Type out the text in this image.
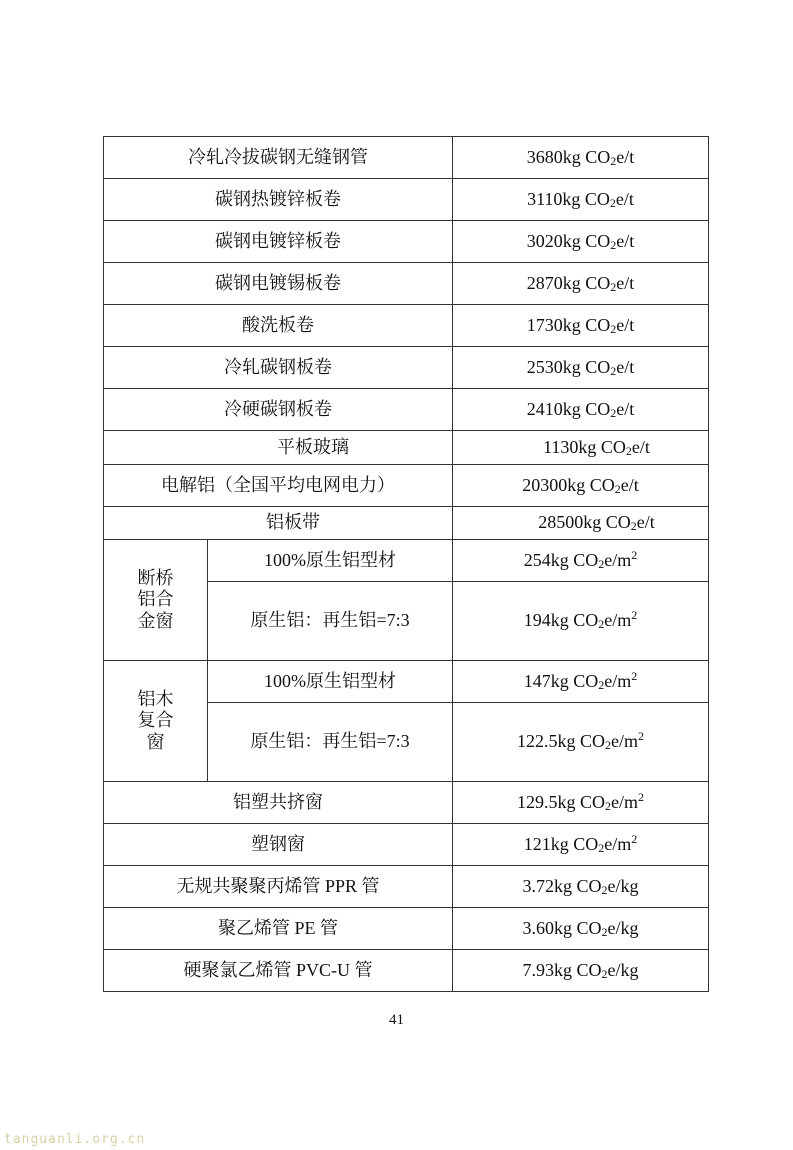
冷轧冷拔碳钢无缝钢管		3680kg $CO_2e/t$
碳钢热镀锌板卷		3110kg $CO_2e/t$
碳钢电镀锌板卷		3020kg $CO_2e/t$
碳钢电镀锡板卷		2870kg $CO_2e/t$
酸洗板卷		1730kg $CO_2e/t$
冷轧碳钢板卷		2530kg $CO_2e/t$
冷硬碳钢板卷		2410kg $CO_2e/t$
平板玻璃		1130kg $CO_2e/t$
电解铝（全国平均电网电力）		20300kg $CO_2e/t$
铝板带		28500kg $CO_2e/t$

断桥
铝合
金窗	100%原生铝型材	254kg $CO_2e/m^2$
	原生铝：再生铝=7:3	194kg $CO_2e/m^2$

铝木
复合
窗	100%原生铝型材	147kg $CO_2e/m^2$
	原生铝：再生铝=7:3	122.5kg $CO_2e/m^2$
铝塑共挤窗		129.5kg $CO_2e/m^2$
塑钢窗		121kg $CO_2e/m^2$
无规共聚聚丙烯管 PPR 管		3.72kg $CO_2e/kg$
聚乙烯管 PE 管		3.60kg $CO_2e/kg$
硬聚氯乙烯管 PVC-U 管		7.93kg $CO_2e/kg$
41
tanguanli.org.cn
